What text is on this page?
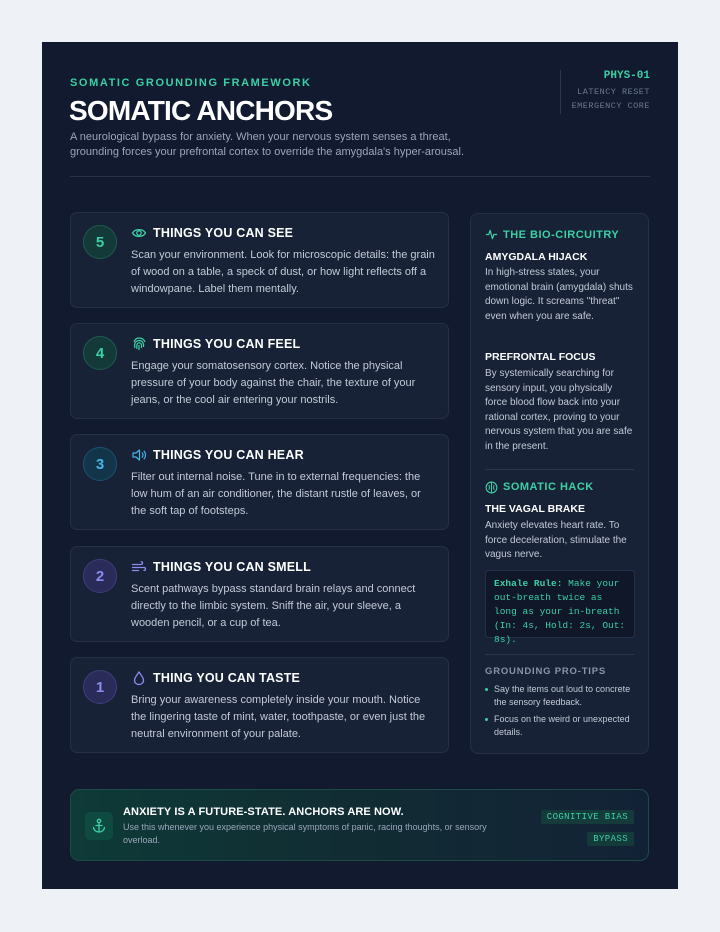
SOMATIC GROUNDING FRAMEWORK
SOMATIC ANCHORS
A neurological bypass for anxiety. When your nervous system senses a threat, grounding forces your prefrontal cortex to override the amygdala's hyper-arousal.
PHYS-01
LATENCY RESET
EMERGENCY CORE
5
THINGS YOU CAN SEE
Scan your environment. Look for microscopic details: the grain of wood on a table, a speck of dust, or how light reflects off a windowpane. Label them mentally.
4
THINGS YOU CAN FEEL
Engage your somatosensory cortex. Notice the physical pressure of your body against the chair, the texture of your jeans, or the cool air entering your nostrils.
3
THINGS YOU CAN HEAR
Filter out internal noise. Tune in to external frequencies: the low hum of an air conditioner, the distant rustle of leaves, or the soft tap of footsteps.
2
THINGS YOU CAN SMELL
Scent pathways bypass standard brain relays and connect directly to the limbic system. Sniff the air, your sleeve, a wooden pencil, or a cup of tea.
1
THING YOU CAN TASTE
Bring your awareness completely inside your mouth. Notice the lingering taste of mint, water, toothpaste, or even just the neutral environment of your palate.
THE BIO-CIRCUITRY
AMYGDALA HIJACK
In high-stress states, your emotional brain (amygdala) shuts down logic. It screams "threat" even when you are safe.
PREFRONTAL FOCUS
By systemically searching for sensory input, you physically force blood flow back into your rational cortex, proving to your nervous system that you are safe in the present.
SOMATIC HACK
THE VAGAL BRAKE
Anxiety elevates heart rate. To force deceleration, stimulate the vagus nerve.
Exhale Rule: Make your out-breath twice as long as your in-breath (In: 4s, Hold: 2s, Out: 8s).
GROUNDING PRO-TIPS
Say the items out loud to concrete the sensory feedback.
Focus on the weird or unexpected details.
ANXIETY IS A FUTURE-STATE. ANCHORS ARE NOW.
Use this whenever you experience physical symptoms of panic, racing thoughts, or sensory overload.
COGNITIVE BIAS
BYPASS
